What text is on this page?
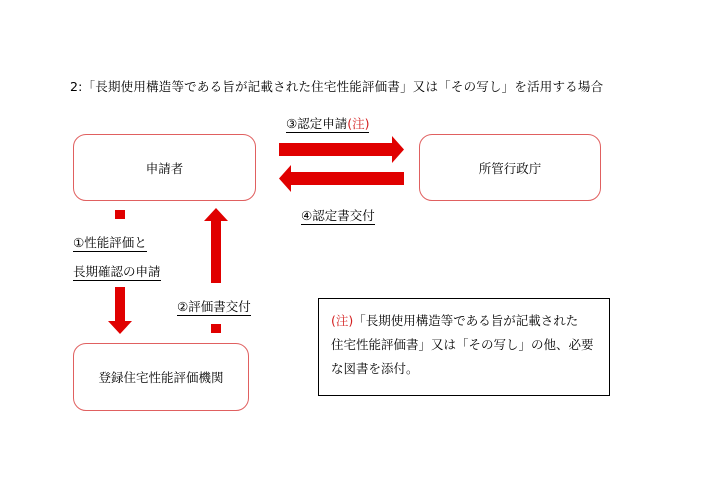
2:「長期使用構造等である旨が記載された住宅性能評価書」又は「その写し」を活用する場合
申請者	所管行政庁
登録住宅性能評価機関
③認定申請(注)
④認定書交付
①性能評価と
長期確認の申請
②評価書交付
(注)「長期使用構造等である旨が記載された
住宅性能評価書」又は「その写し」の他、必要
な図書を添付。
